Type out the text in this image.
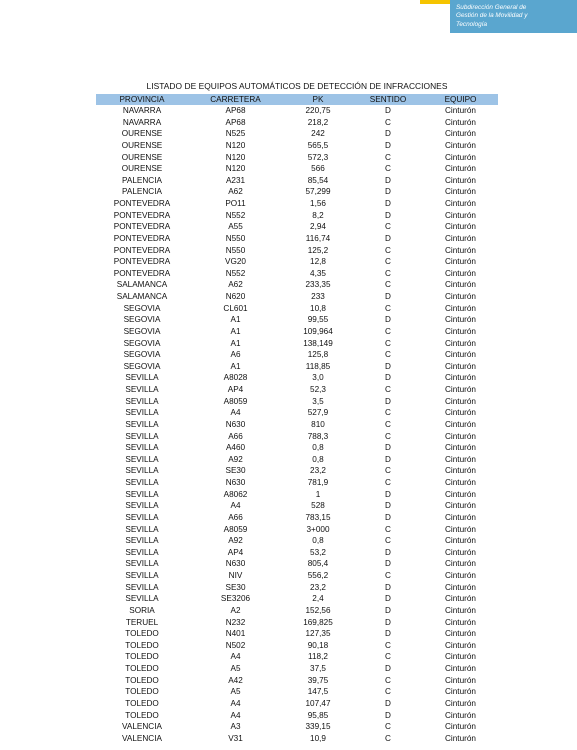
Subdirección General de
Gestión de la Movilidad y
Tecnología
LISTADO DE EQUIPOS AUTOMÁTICOS DE DETECCIÓN DE INFRACCIONES
PROVINCIA	CARRETERA	PK	SENTIDO	EQUIPO
NAVARRA	AP68	220,75	D	Cinturón
NAVARRA	AP68	218,2	C	Cinturón
OURENSE	N525	242	D	Cinturón
OURENSE	N120	565,5	D	Cinturón
OURENSE	N120	572,3	C	Cinturón
OURENSE	N120	566	C	Cinturón
PALENCIA	A231	85,54	D	Cinturón
PALENCIA	A62	57,299	D	Cinturón
PONTEVEDRA	PO11	1,56	D	Cinturón
PONTEVEDRA	N552	8,2	D	Cinturón
PONTEVEDRA	A55	2,94	C	Cinturón
PONTEVEDRA	N550	116,74	D	Cinturón
PONTEVEDRA	N550	125,2	C	Cinturón
PONTEVEDRA	VG20	12,8	C	Cinturón
PONTEVEDRA	N552	4,35	C	Cinturón
SALAMANCA	A62	233,35	C	Cinturón
SALAMANCA	N620	233	D	Cinturón
SEGOVIA	CL601	10,8	C	Cinturón
SEGOVIA	A1	99,55	D	Cinturón
SEGOVIA	A1	109,964	C	Cinturón
SEGOVIA	A1	138,149	C	Cinturón
SEGOVIA	A6	125,8	C	Cinturón
SEGOVIA	A1	118,85	D	Cinturón
SEVILLA	A8028	3,0	D	Cinturón
SEVILLA	AP4	52,3	C	Cinturón
SEVILLA	A8059	3,5	D	Cinturón
SEVILLA	A4	527,9	C	Cinturón
SEVILLA	N630	810	C	Cinturón
SEVILLA	A66	788,3	C	Cinturón
SEVILLA	A460	0,8	D	Cinturón
SEVILLA	A92	0,8	D	Cinturón
SEVILLA	SE30	23,2	C	Cinturón
SEVILLA	N630	781,9	C	Cinturón
SEVILLA	A8062	1	D	Cinturón
SEVILLA	A4	528	D	Cinturón
SEVILLA	A66	783,15	D	Cinturón
SEVILLA	A8059	3+000	C	Cinturón
SEVILLA	A92	0,8	C	Cinturón
SEVILLA	AP4	53,2	D	Cinturón
SEVILLA	N630	805,4	D	Cinturón
SEVILLA	NIV	556,2	C	Cinturón
SEVILLA	SE30	23,2	D	Cinturón
SEVILLA	SE3206	2,4	D	Cinturón
SORIA	A2	152,56	D	Cinturón
TERUEL	N232	169,825	D	Cinturón
TOLEDO	N401	127,35	D	Cinturón
TOLEDO	N502	90,18	C	Cinturón
TOLEDO	A4	118,2	C	Cinturón
TOLEDO	A5	37,5	D	Cinturón
TOLEDO	A42	39,75	C	Cinturón
TOLEDO	A5	147,5	C	Cinturón
TOLEDO	A4	107,47	D	Cinturón
TOLEDO	A4	95,85	D	Cinturón
VALENCIA	A3	339,15	C	Cinturón
VALENCIA	V31	10,9	C	Cinturón
